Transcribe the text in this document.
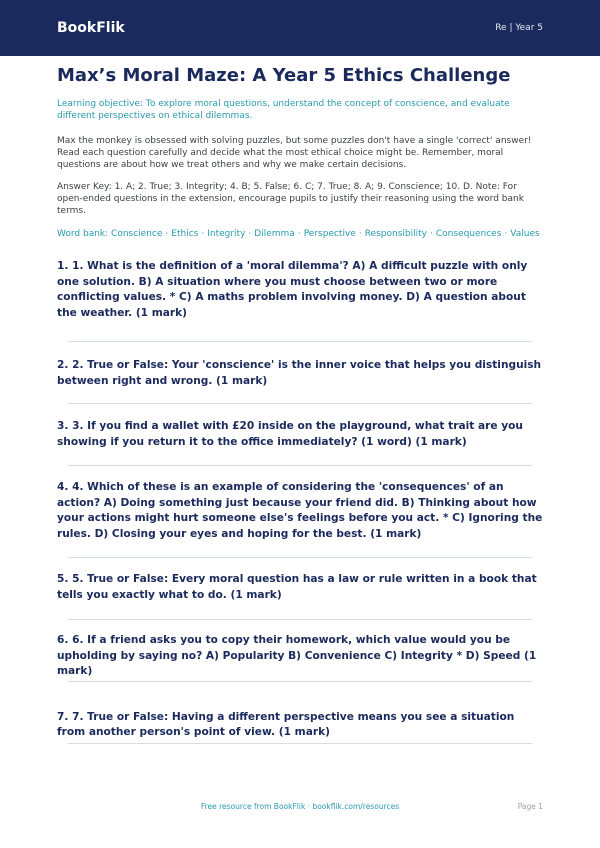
BookFlik	Re | Year 5
Max’s Moral Maze: A Year 5 Ethics Challenge
Learning objective: To explore moral questions, understand the concept of conscience, and evaluate different perspectives on ethical dilemmas.
Max the monkey is obsessed with solving puzzles, but some puzzles don't have a single 'correct' answer! Read each question carefully and decide what the most ethical choice might be. Remember, moral questions are about how we treat others and why we make certain decisions.
Answer Key: 1. A; 2. True; 3. Integrity; 4. B; 5. False; 6. C; 7. True; 8. A; 9. Conscience; 10. D. Note: For open-ended questions in the extension, encourage pupils to justify their reasoning using the word bank terms.
Word bank: Conscience · Ethics · Integrity · Dilemma · Perspective · Responsibility · Consequences · Values
1. 1. What is the definition of a 'moral dilemma'? A) A difficult puzzle with only one solution. B) A situation where you must choose between two or more conflicting values. * C) A maths problem involving money. D) A question about the weather. (1 mark)
2. 2. True or False: Your 'conscience' is the inner voice that helps you distinguish between right and wrong. (1 mark)
3. 3. If you find a wallet with £20 inside on the playground, what trait are you showing if you return it to the office immediately? (1 word) (1 mark)
4. 4. Which of these is an example of considering the 'consequences' of an action? A) Doing something just because your friend did. B) Thinking about how your actions might hurt someone else's feelings before you act. * C) Ignoring the rules. D) Closing your eyes and hoping for the best. (1 mark)
5. 5. True or False: Every moral question has a law or rule written in a book that tells you exactly what to do. (1 mark)
6. 6. If a friend asks you to copy their homework, which value would you be upholding by saying no? A) Popularity B) Convenience C) Integrity * D) Speed (1 mark)
7. 7. True or False: Having a different perspective means you see a situation from another person's point of view. (1 mark)
Free resource from BookFlik · bookflik.com/resources	Page 1
